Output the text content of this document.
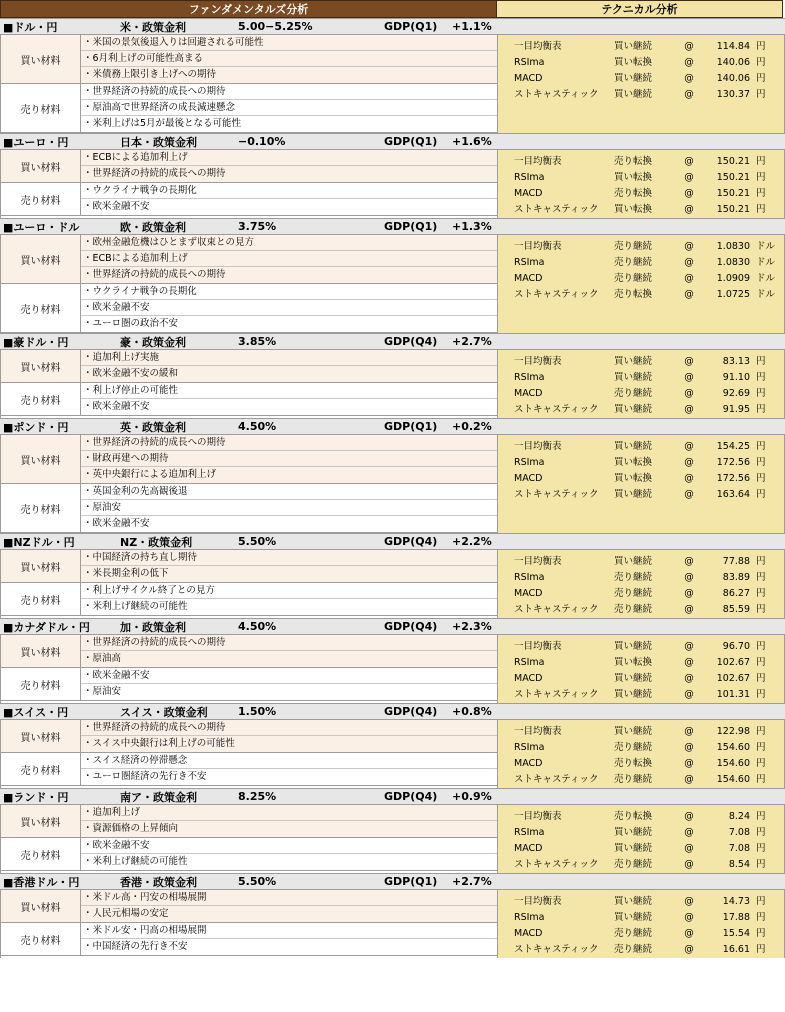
ファンダメンタルズ分析	テクニカル分析
■ドル・円	米・政策金利	5.00−5.25%	GDP(Q1)	+1.1%
買い材料
・米国の景気後退入りは回避される可能性
・6月利上げの可能性高まる
・米債務上限引き上げへの期待
売り材料
・世界経済の持続的成長への期待
・原油高で世界経済の成長減速懸念
・米利上げは5月が最後となる可能性
一目均衡表	買い継続	@	114.84 円
RSIma	買い転換	@	140.06 円
MACD	買い継続	@	140.06 円
ストキャスティック	買い継続	@	130.37 円
■ユーロ・円	日本・政策金利	−0.10%	GDP(Q1)	+1.6%
買い材料
・ECBによる追加利上げ
・世界経済の持続的成長への期待
売り材料
・ウクライナ戦争の長期化
・欧米金融不安
一目均衡表	売り転換	@	150.21 円
RSIma	買い転換	@	150.21 円
MACD	売り転換	@	150.21 円
ストキャスティック	買い転換	@	150.21 円
■ユーロ・ドル	欧・政策金利	3.75%	GDP(Q1)	+1.3%
買い材料
・欧州金融危機はひとまず収束との見方
・ECBによる追加利上げ
・世界経済の持続的成長への期待
売り材料
・ウクライナ戦争の長期化
・欧米金融不安
・ユーロ圏の政治不安
一目均衡表	売り継続	@	1.0830 ドル
RSIma	売り継続	@	1.0830 ドル
MACD	売り継続	@	1.0909 ドル
ストキャスティック	売り転換	@	1.0725 ドル
■豪ドル・円	豪・政策金利	3.85%	GDP(Q4)	+2.7%
買い材料
・追加利上げ実施
・欧米金融不安の緩和
売り材料
・利上げ停止の可能性
・欧米金融不安
一目均衡表	買い継続	@	83.13 円
RSIma	買い継続	@	91.10 円
MACD	売り継続	@	92.69 円
ストキャスティック	買い継続	@	91.95 円
■ポンド・円	英・政策金利	4.50%	GDP(Q1)	+0.2%
買い材料
・世界経済の持続的成長への期待
・財政再建への期待
・英中央銀行による追加利上げ
売り材料
・英国金利の先高観後退
・原油安
・欧米金融不安
一目均衡表	買い継続	@	154.25 円
RSIma	買い転換	@	172.56 円
MACD	買い転換	@	172.56 円
ストキャスティック	買い継続	@	163.64 円
■NZドル・円	NZ・政策金利	5.50%	GDP(Q4)	+2.2%
買い材料
・中国経済の持ち直し期待
・米長期金利の低下
売り材料
・利上げサイクル終了との見方
・米利上げ継続の可能性
一目均衡表	買い継続	@	77.88 円
RSIma	売り継続	@	83.89 円
MACD	売り継続	@	86.27 円
ストキャスティック	売り継続	@	85.59 円
■カナダドル・円	加・政策金利	4.50%	GDP(Q4)	+2.3%
買い材料
・世界経済の持続的成長への期待
・原油高
売り材料
・欧米金融不安
・原油安
一目均衡表	買い継続	@	96.70 円
RSIma	買い転換	@	102.67 円
MACD	買い継続	@	102.67 円
ストキャスティック	買い継続	@	101.31 円
■スイス・円	スイス・政策金利	1.50%	GDP(Q4)	+0.8%
買い材料
・世界経済の持続的成長への期待
・スイス中央銀行は利上げの可能性
売り材料
・スイス経済の停滞懸念
・ユーロ圏経済の先行き不安
一目均衡表	買い継続	@	122.98 円
RSIma	売り継続	@	154.60 円
MACD	売り転換	@	154.60 円
ストキャスティック	売り継続	@	154.60 円
■ランド・円	南ア・政策金利	8.25%	GDP(Q4)	+0.9%
買い材料
・追加利上げ
・資源価格の上昇傾向
売り材料
・欧米金融不安
・米利上げ継続の可能性
一目均衡表	売り転換	@	8.24 円
RSIma	買い継続	@	7.08 円
MACD	買い継続	@	7.08 円
ストキャスティック	売り継続	@	8.54 円
■香港ドル・円	香港・政策金利	5.50%	GDP(Q1)	+2.7%
買い材料
・米ドル高・円安の相場展開
・人民元相場の安定
売り材料
・米ドル安・円高の相場展開
・中国経済の先行き不安
一目均衡表	買い継続	@	14.73 円
RSIma	買い継続	@	17.88 円
MACD	売り継続	@	15.54 円
ストキャスティック	売り継続	@	16.61 円
